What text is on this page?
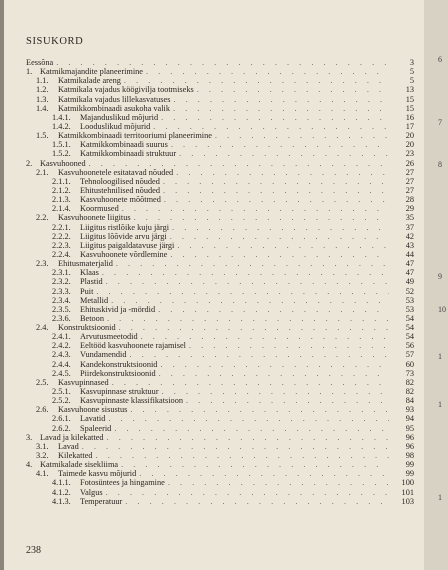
SISUKORD
Eessõna . . .	3
1. Katmikmajandite planeerimine . . .	5
1.1. Katmikalade areng . . .	5
1.2. Katmikala vajadus köögivilja tootmiseks . . .	13
1.3. Katmikala vajadus lillekasvatuses . . .	15
1.4. Katmikkombinaadi asukoha valik . . .	15
1.4.1. Majanduslikud mõjurid . . .	16
1.4.2. Looduslikud mõjurid . . .	17
1.5. Katmikkombinaadi territooriumi planeerimine . . .	20
1.5.1. Katmikkombinaadi suurus . . .	20
1.5.2. Katmikkombinaadi struktuur . . .	23
2. Kasvuhooned . . .	26
2.1. Kasvuhoonetele esitatavad nõuded . . .	27
2.1.1. Tehnoloogilised nõuded . . .	27
2.1.2. Ehitustehnilised nõuded . . .	27
2.1.3. Kasvuhoonete mõõtmed . . .	28
2.1.4. Koormused . . .	29
2.2. Kasvuhoonete liigitus . . .	35
2.2.1. Liigitus ristlõike kuju järgi . . .	37
2.2.2. Liigitus lõõvide arvu järgi . . .	42
2.2.3. Liigitus paigaldatavuse järgi . . .	43
2.2.4. Kasvuhoonete võrdlemine . . .	44
2.3. Ehitusmaterjalid . . .	47
2.3.1. Klaas . . .	47
2.3.2. Plastid . . .	49
2.3.3. Puit . . .	52
2.3.4. Metallid . . .	53
2.3.5. Ehituskivid ja -mördid . . .	53
2.3.6. Betoon . . .	54
2.4. Konstruktsioonid . . .	54
2.4.1. Arvutusmeetodid . . .	54
2.4.2. Eeltööd kasvuhoonete rajamisel . . .	56
2.4.3. Vundamendid . . .	57
2.4.4. Kandekonstruktsioonid . . .	60
2.4.5. Piirdekonstruktsioonid . . .	73
2.5. Kasvupinnased . . .	82
2.5.1. Kasvupinnase struktuur . . .	82
2.5.2. Kasvupinnaste klassifikatsioon . . .	84
2.6. Kasvuhoone sisustus . . .	93
2.6.1. Lavatid . . .	94
2.6.2. Spaleerid . . .	95
3. Lavad ja kilekatted . . .	96
3.1. Lavad . . .	96
3.2. Kilekatted . . .	98
4. Katmikalade sisekliima . . .	99
4.1. Taimede kasvu mõjurid . . .	99
4.1.1. Fotosüntees ja hingamine . . .	100
4.1.2. Valgus . . .	101
4.1.3. Temperatuur . . .	103
238
6
7
8
9
10
1
1
1
